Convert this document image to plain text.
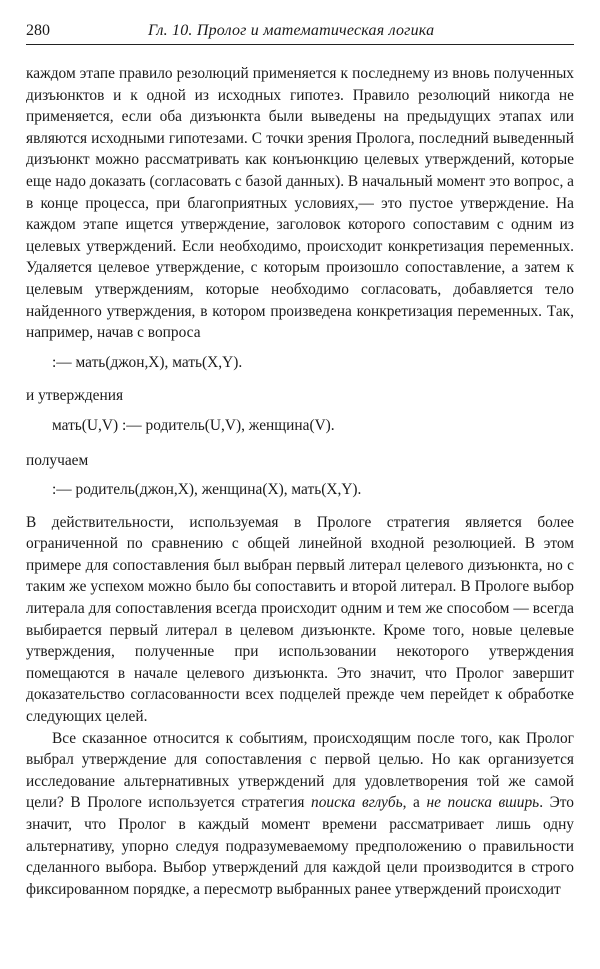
280	Гл. 10. Пролог и математическая логика

каждом этапе правило резолюций применяется к последнему из вновь полученных дизъюнктов и к одной из исходных гипотез. Правило резолюций никогда не применяется, если оба дизъюнкта были выведены на предыдущих этапах или являются исходными гипотезами. С точки зрения Пролога, последний выведенный дизъюнкт можно рассматривать как конъюнкцию целевых утверждений, которые еще надо доказать (согласовать с базой данных). В начальный момент это вопрос, а в конце процесса, при благоприятных условиях,— это пустое утверждение. На каждом этапе ищется утверждение, заголовок которого сопоставим с одним из целевых утверждений. Если необходимо, происходит конкретизация переменных. Удаляется целевое утверждение, с которым произошло сопоставление, а затем к целевым утверждениям, которые необходимо согласовать, добавляется тело найденного утверждения, в котором произведена конкретизация переменных. Так, например, начав с вопроса

:— мать(джон,X), мать(X,Y).

и утверждения

мать(U,V) :— родитель(U,V), женщина(V).

получаем

:— родитель(джон,X), женщина(X), мать(X,Y).

В действительности, используемая в Прологе стратегия является более ограниченной по сравнению с общей линейной входной резолюцией. В этом примере для сопоставления был выбран первый литерал целевого дизъюнкта, но с таким же успехом можно было бы сопоставить и второй литерал. В Прологе выбор литерала для сопоставления всегда происходит одним и тем же способом — всегда выбирается первый литерал в целевом дизъюнкте. Кроме того, новые целевые утверждения, полученные при использовании некоторого утверждения помещаются в начале целевого дизъюнкта. Это значит, что Пролог завершит доказательство согласованности всех подцелей прежде чем перейдет к обработке следующих целей.

Все сказанное относится к событиям, происходящим после того, как Пролог выбрал утверждение для сопоставления с первой целью. Но как организуется исследование альтернативных утверждений для удовлетворения той же самой цели? В Прологе используется стратегия поиска вглубь, а не поиска вширь. Это значит, что Пролог в каждый момент времени рассматривает лишь одну альтернативу, упорно следуя подразумеваемому предположению о правильности сделанного выбора. Выбор утверждений для каждой цели производится в строго фиксированном порядке, а пересмотр выбранных ранее утверждений происходит
